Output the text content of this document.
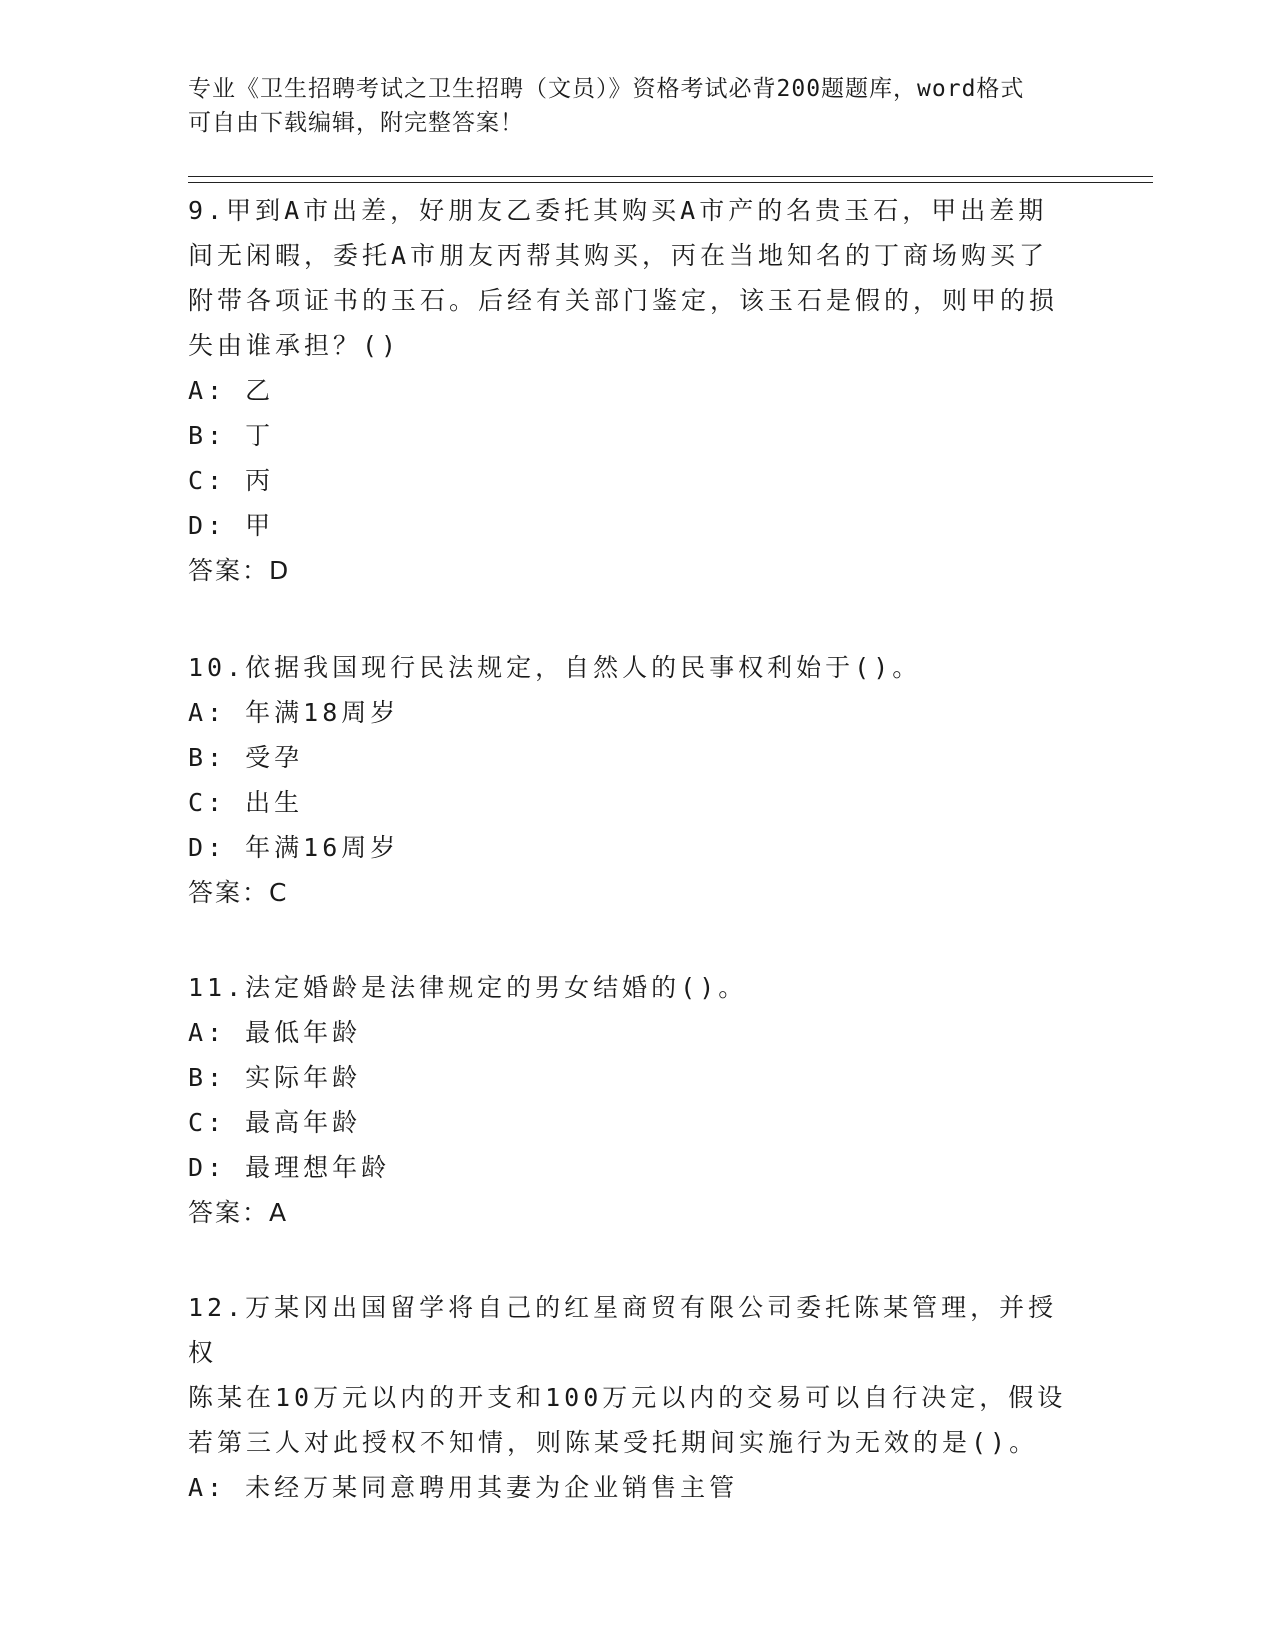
专业《卫生招聘考试之卫生招聘（文员）》资格考试必背200题题库，word格式
可自由下载编辑，附完整答案！
9.甲到A市出差，好朋友乙委托其购买A市产的名贵玉石，甲出差期
间无闲暇，委托A市朋友丙帮其购买，丙在当地知名的丁商场购买了
附带各项证书的玉石。后经有关部门鉴定，该玉石是假的，则甲的损
失由谁承担？()
A: 乙
B: 丁
C: 丙
D: 甲
答案：D
10.依据我国现行民法规定，自然人的民事权利始于()。
A: 年满18周岁
B: 受孕
C: 出生
D: 年满16周岁
答案：C
11.法定婚龄是法律规定的男女结婚的()。
A: 最低年龄
B: 实际年龄
C: 最高年龄
D: 最理想年龄
答案：A
12.万某冈出国留学将自己的红星商贸有限公司委托陈某管理，并授权
陈某在10万元以内的开支和100万元以内的交易可以自行决定，假设
若第三人对此授权不知情，则陈某受托期间实施行为无效的是()。
A: 未经万某同意聘用其妻为企业销售主管
